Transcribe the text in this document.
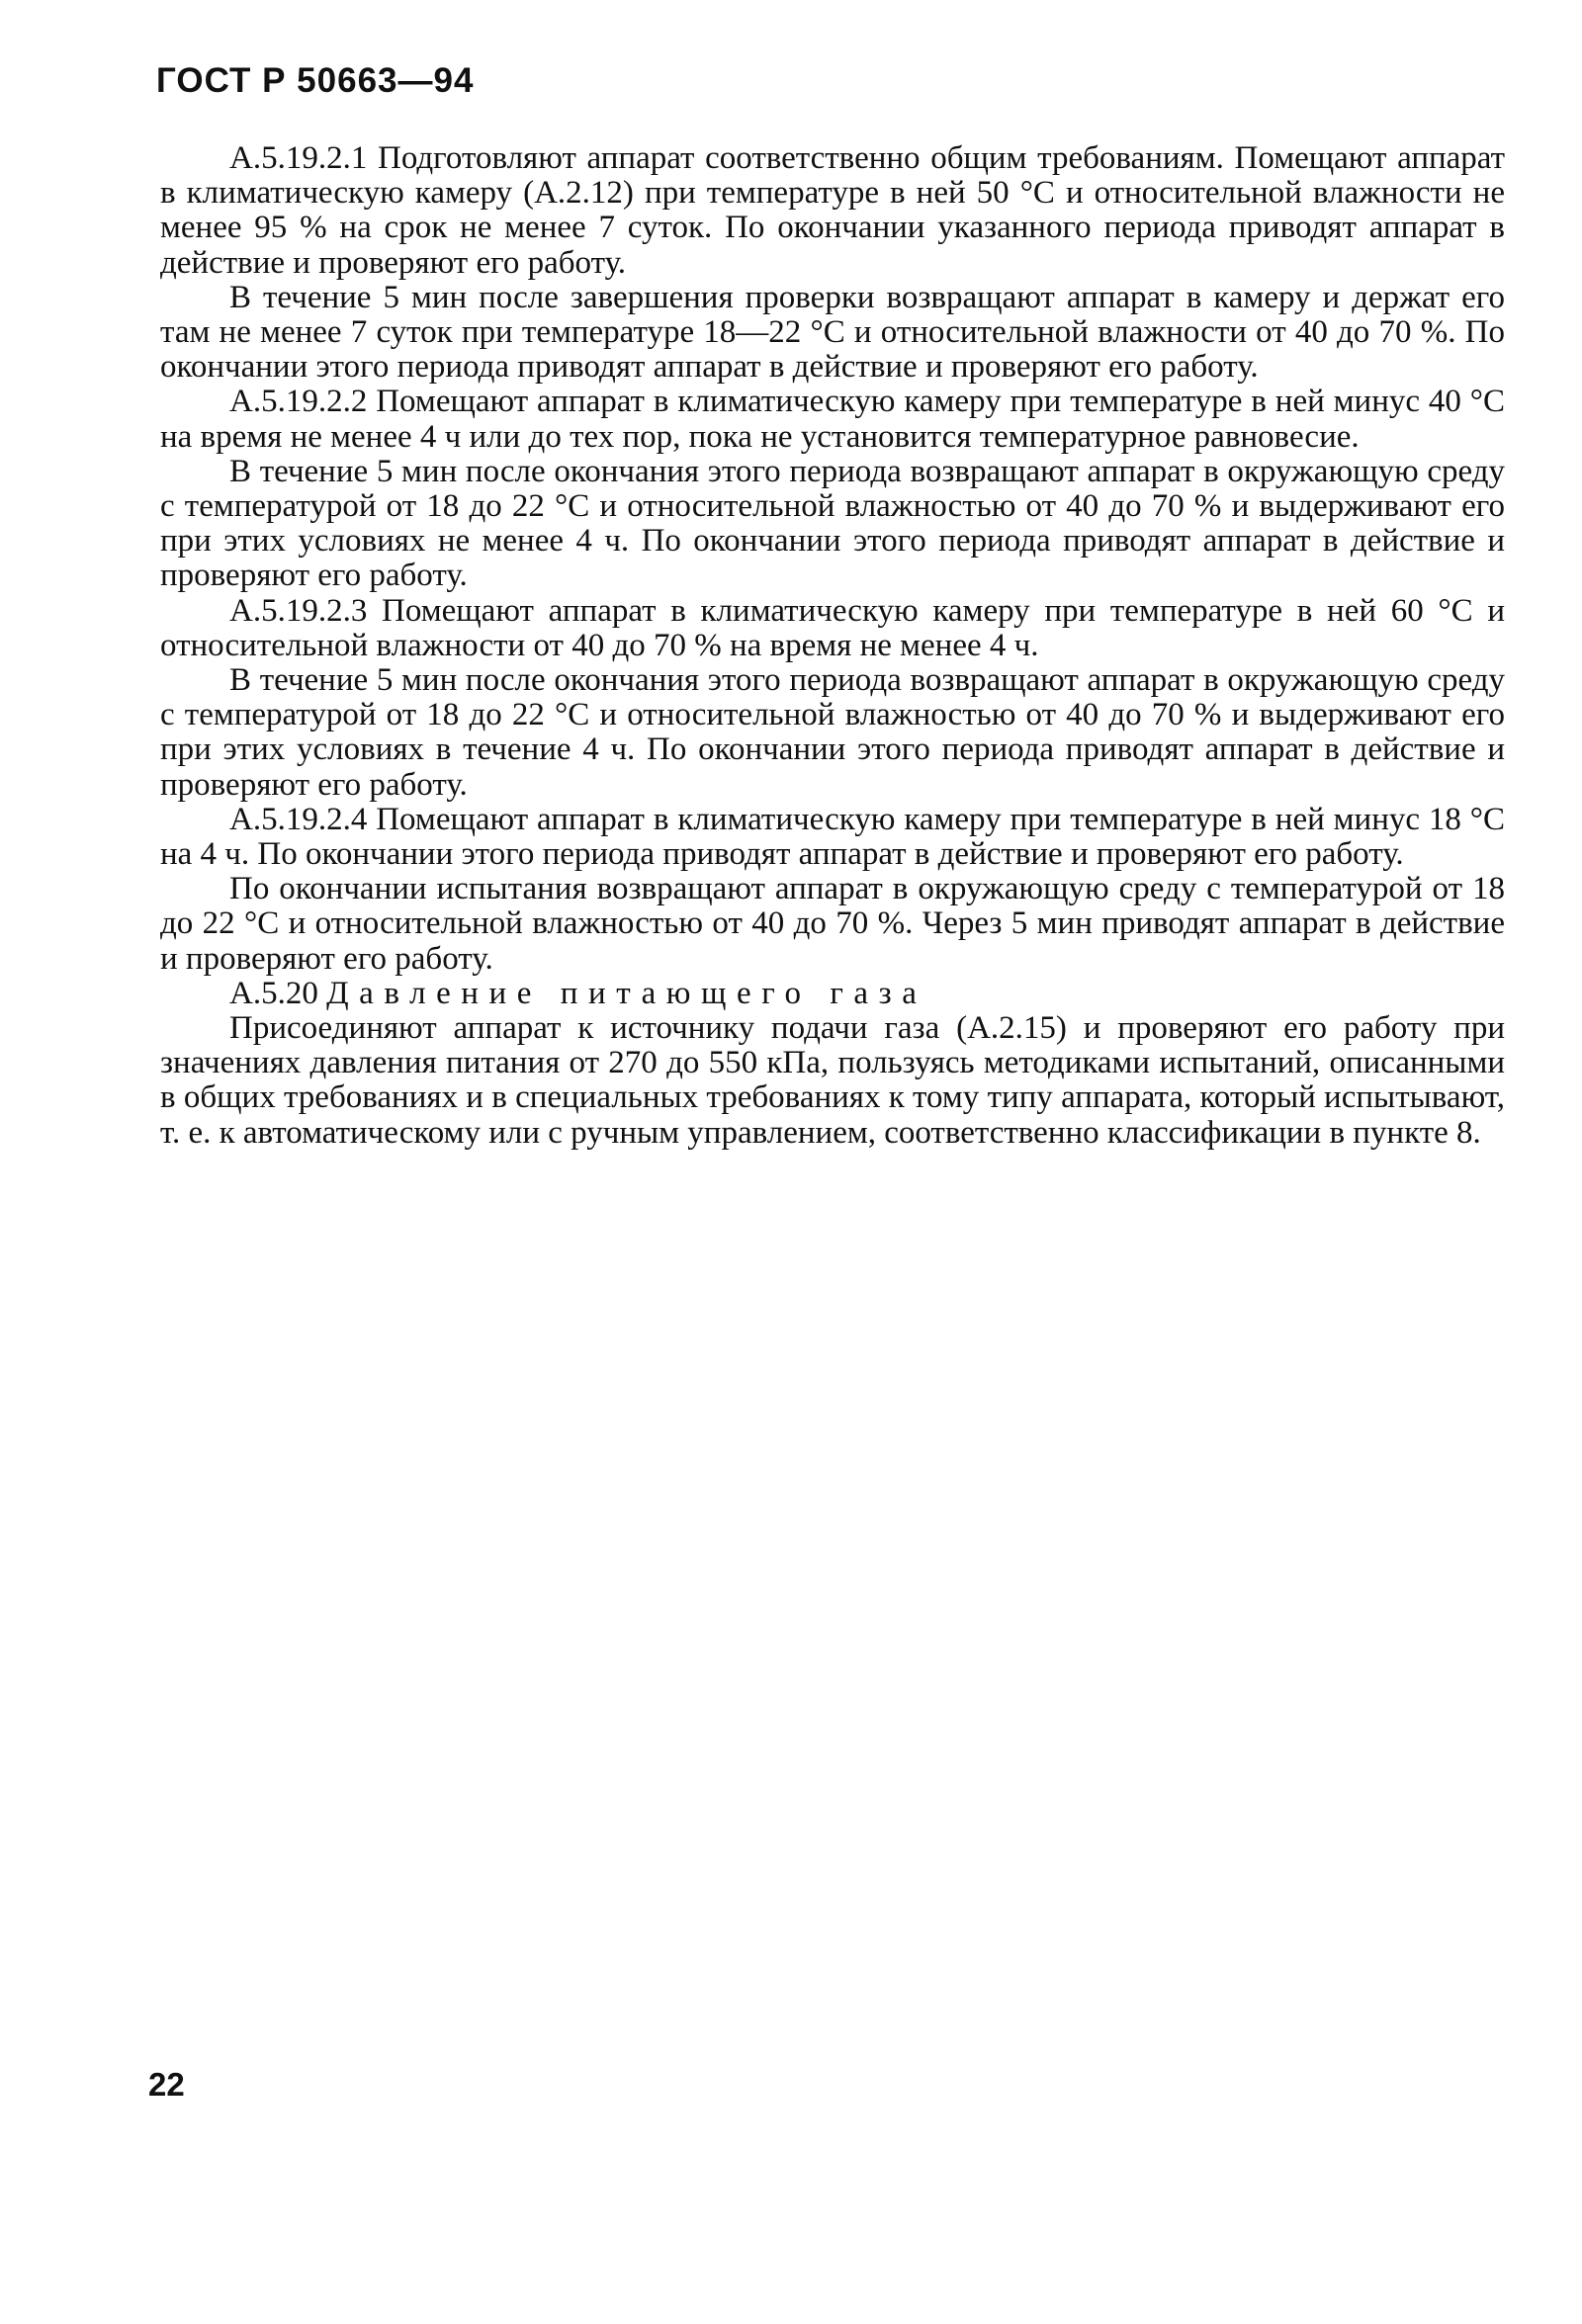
ГОСТ Р 50663—94

А.5.19.2.1 Подготовляют аппарат соответственно общим требованиям. Помещают аппарат в климатическую камеру (А.2.12) при температуре в ней 50 °С и относительной влажности не менее 95 % на срок не менее 7 суток. По окончании указанного периода приводят аппарат в действие и проверяют его работу.

В течение 5 мин после завершения проверки возвращают аппарат в камеру и держат его там не менее 7 суток при температуре 18—22 °С и относительной влажности от 40 до 70 %. По окончании этого периода приводят аппарат в действие и проверяют его работу.

А.5.19.2.2 Помещают аппарат в климатическую камеру при температуре в ней минус 40 °С на время не менее 4 ч или до тех пор, пока не установится температурное равновесие.

В течение 5 мин после окончания этого периода возвращают аппарат в окружающую среду с температурой от 18 до 22 °С и относительной влажностью от 40 до 70 % и выдерживают его при этих условиях не менее 4 ч. По окончании этого периода приводят аппарат в действие и проверяют его работу.

А.5.19.2.3 Помещают аппарат в климатическую камеру при температуре в ней 60 °С и относительной влажности от 40 до 70 % на время не менее 4 ч.

В течение 5 мин после окончания этого периода возвращают аппарат в окружающую среду с температурой от 18 до 22 °С и относительной влажностью от 40 до 70 % и выдерживают его при этих условиях в течение 4 ч. По окончании этого периода приводят аппарат в действие и проверяют его работу.

А.5.19.2.4 Помещают аппарат в климатическую камеру при температуре в ней минус 18 °С на 4 ч. По окончании этого периода приводят аппарат в действие и проверяют его работу.

По окончании испытания возвращают аппарат в окружающую среду с температурой от 18 до 22 °С и относительной влажностью от 40 до 70 %. Через 5 мин приводят аппарат в действие и проверяют его работу.

А.5.20 Давление питающего газа

Присоединяют аппарат к источнику подачи газа (А.2.15) и проверяют его работу при значениях давления питания от 270 до 550 кПа, пользуясь методиками испытаний, описанными в общих требованиях и в специальных требованиях к тому типу аппарата, который испытывают, т. е. к автоматическому или с ручным управлением, соответственно классификации в пункте 8.

22
